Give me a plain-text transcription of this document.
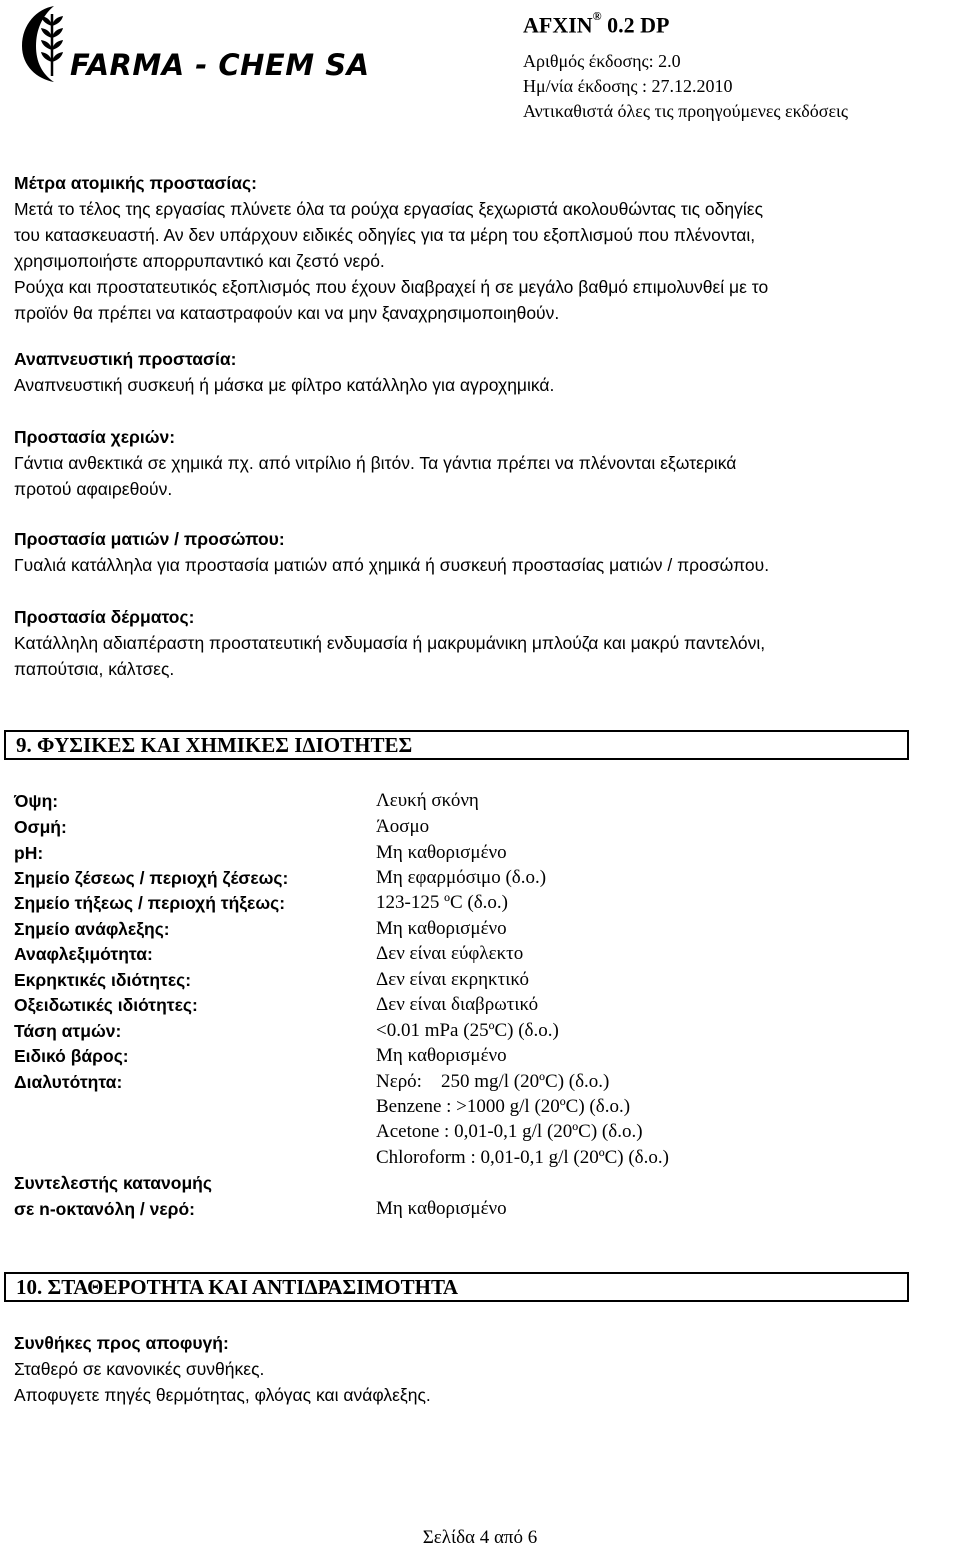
FARMA - CHEM SA
AFXIN® 0.2 DP
Αριθμός έκδοσης: 2.0
Ημ/νία έκδοσης : 27.12.2010
Αντικαθιστά όλες τις προηγούμενες εκδόσεις
Μέτρα ατομικής προστασίας:
Μετά το τέλος της εργασίας πλύνετε όλα τα ρούχα εργασίας ξεχωριστά ακολουθώντας τις οδηγίες
του κατασκευαστή. Αν δεν υπάρχουν ειδικές οδηγίες για τα μέρη του εξοπλισμού που πλένονται,
χρησιμοποιήστε απορρυπαντικό και ζεστό νερό.
Ρούχα και προστατευτικός εξοπλισμός που έχουν διαβραχεί ή σε μεγάλο βαθμό επιμολυνθεί με το
προϊόν θα πρέπει να καταστραφούν και να μην ξαναχρησιμοποιηθούν.
Αναπνευστική προστασία:
Αναπνευστική συσκευή ή μάσκα με φίλτρο κατάλληλο για αγροχημικά.
Προστασία χεριών:
Γάντια ανθεκτικά σε χημικά πχ. από νιτρίλιο ή βιτόν. Τα γάντια πρέπει να πλένονται εξωτερικά
προτού αφαιρεθούν.
Προστασία ματιών / προσώπου:
Γυαλιά κατάλληλα για προστασία ματιών από χημικά ή συσκευή προστασίας ματιών / προσώπου.
Προστασία δέρματος:
Κατάλληλη αδιαπέραστη προστατευτική ενδυμασία ή μακρυμάνικη μπλούζα και μακρύ παντελόνι,
παπούτσια, κάλτσες.
9. ΦΥΣΙΚΕΣ ΚΑΙ ΧΗΜΙΚΕΣ ΙΔΙΟΤΗΤΕΣ
Όψη:	Λευκή σκόνη
Οσμή:	Άοσμο
pH:	Μη καθορισμένο
Σημείο ζέσεως / περιοχή ζέσεως:	Μη εφαρμόσιμο (δ.ο.)
Σημείο τήξεως / περιοχή τήξεως:	123-125 ºC (δ.ο.)
Σημείο ανάφλεξης:	Μη καθορισμένο
Αναφλεξιμότητα:	Δεν είναι εύφλεκτο
Εκρηκτικές ιδιότητες:	Δεν είναι εκρηκτικό
Οξειδωτικές ιδιότητες:	Δεν είναι διαβρωτικό
Τάση ατμών:	<0.01 mPa (25ºC) (δ.ο.)
Ειδικό βάρος:	Μη καθορισμένο
Διαλυτότητα:	Νερό:    250 mg/l (20ºC) (δ.ο.)
Benzene : >1000 g/l (20ºC) (δ.ο.)
Acetone : 0,01-0,1 g/l (20ºC) (δ.ο.)
Chloroform : 0,01-0,1 g/l (20ºC) (δ.ο.)
Συντελεστής κατανομής
σε n-οκτανόλη / νερό:	Μη καθορισμένο
10. ΣΤΑΘΕΡΟΤΗΤΑ ΚΑΙ ΑΝΤΙΔΡΑΣΙΜΟΤΗΤΑ
Συνθήκες προς αποφυγή:
Σταθερό σε κανονικές συνθήκες.
Αποφυγετε πηγές θερμότητας, φλόγας και ανάφλεξης.
Σελίδα 4 από 6
